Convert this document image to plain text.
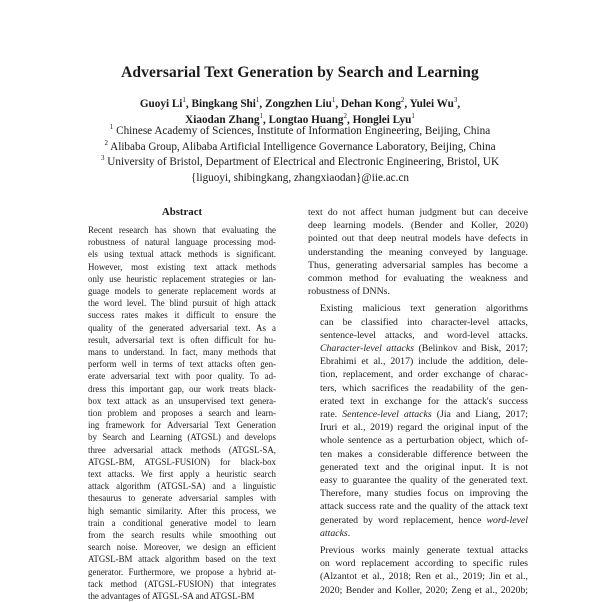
Adversarial Text Generation by Search and Learning
Guoyi Li$^1$, Bingkang Shi$^1$, Zongzhen Liu$^1$, Dehan Kong$^2$, Yulei Wu$^3$,
Xiaodan Zhang$^1$, Longtao Huang$^2$, Honglei Lyu$^1$
$^1$ Chinese Academy of Sciences, Institute of Information Engineering, Beijing, China
$^2$ Alibaba Group, Alibaba Artificial Intelligence Governance Laboratory, Beijing, China
$^3$ University of Bristol, Department of Electrical and Electronic Engineering, Bristol, UK
{liguoyi, shibingkang, zhangxiaodan}@iie.ac.cn
Abstract
Recent research has shown that evaluating the
robustness of natural language processing mod-
els using textual attack methods is significant.
However, most existing text attack methods
only use heuristic replacement strategies or lan-
guage models to generate replacement words at
the word level. The blind pursuit of high attack
success rates makes it difficult to ensure the
quality of the generated adversarial text. As a
result, adversarial text is often difficult for hu-
mans to understand. In fact, many methods that
perform well in terms of text attacks often gen-
erate adversarial text with poor quality. To ad-
dress this important gap, our work treats black-
box text attack as an unsupervised text genera-
tion problem and proposes a search and learn-
ing framework for Adversarial Text Generation
by Search and Learning (ATGSL) and develops
three adversarial attack methods (ATGSL-SA,
ATGSL-BM, ATGSL-FUSION) for black-box
text attacks. We first apply a heuristic search
attack algorithm (ATGSL-SA) and a linguistic
thesaurus to generate adversarial samples with
high semantic similarity. After this process, we
train a conditional generative model to learn
from the search results while smoothing out
search noise. Moreover, we design an efficient
ATGSL-BM attack algorithm based on the text
generator. Furthermore, we propose a hybrid at-
tack method (ATGSL-FUSION) that integrates
the advantages of ATGSL-SA and ATGSL-BM

text do not affect human judgment but can deceive
deep learning models. (Bender and Koller, 2020)
pointed out that deep neutral models have defects in
understanding the meaning conveyed by language.
Thus, generating adversarial samples has become a
common method for evaluating the weakness and
robustness of DNNs.

Existing malicious text generation algorithms
can be classified into character-level attacks,
sentence-level attacks, and word-level attacks.
Character-level attacks (Belinkov and Bisk, 2017;
Ebrahimi et al., 2017) include the addition, dele-
tion, replacement, and order exchange of charac-
ters, which sacrifices the readability of the gen-
erated text in exchange for the attack's success
rate. Sentence-level attacks (Jia and Liang, 2017;
Iruri et al., 2019) regard the original input of the
whole sentence as a perturbation object, which of-
ten makes a considerable difference between the
generated text and the original input. It is not
easy to guarantee the quality of the generated text.
Therefore, many studies focus on improving the
attack success rate and the quality of the attack text
generated by word replacement, hence word-level
attacks.

Previous works mainly generate textual attacks
on word replacement according to specific rules
(Alzantot et al., 2018; Ren et al., 2019; Jin et al.,
2020; Bender and Koller, 2020; Zeng et al., 2020b;
